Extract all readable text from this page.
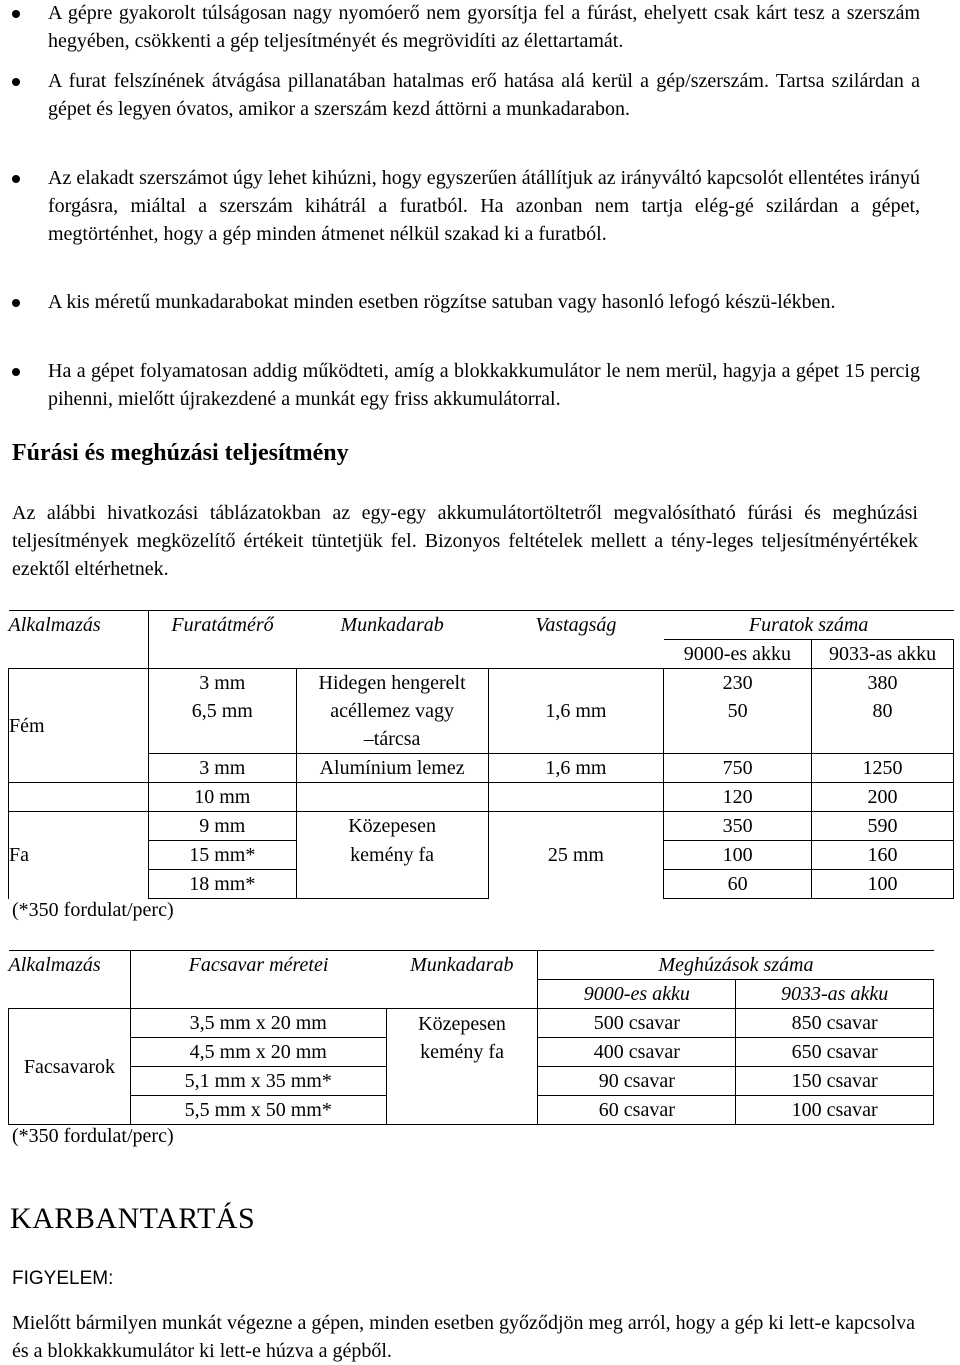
A gépre gyakorolt túlságosan nagy nyomóerő nem gyorsítja fel a fúrást, ehelyett csak kárt tesz a szerszám hegyében, csökkenti a gép teljesítményét és megrövidíti az élettartamát.
A furat felszínének átvágása pillanatában hatalmas erő hatása alá kerül a gép/szerszám. Tartsa szilárdan a gépet és legyen óvatos, amikor a szerszám kezd áttörni a munkadarabon.
Az elakadt szerszámot úgy lehet kihúzni, hogy egyszerűen átállítjuk az irányváltó kapcsolót ellentétes irányú forgásra, miáltal a szerszám kihátrál a furatból. Ha azonban nem tartja elég-gé szilárdan a gépet, megtörténhet, hogy a gép minden átmenet nélkül szakad ki a furatból.
A kis méretű munkadarabokat minden esetben rögzítse satuban vagy hasonló lefogó készü-lékben.
Ha a gépet folyamatosan addig működteti, amíg a blokkakkumulátor le nem merül, hagyja a gépet 15 percig pihenni, mielőtt újrakezdené a munkát egy friss akkumulátorral.
Fúrási és meghúzási teljesítmény

Az alábbi hivatkozási táblázatokban az egy-egy akkumulátortöltetről megvalósítható fúrási és meghúzási teljesítmények megközelítő értékeit tüntetjük fel. Bizonyos feltételek mellett a tény-leges teljesítményértékek ezektől eltérhetnek.

Alkalmazás	Furatátmérő	Munkadarab	Vastagság	Furatok száma	
				9000-es akku	9033-as akku
Fém	3 mm	Hidegen hengerelt	1,6 mm	230	380
	6,5 mm	acéllemez vagy		50	80
		–tárcsa			
	3 mm	Alumínium lemez	1,6 mm	750	1250
	10 mm			120	200
Fa	9 mm	Közepesen	25 mm	350	590
	15 mm*	kemény fa		100	160
	18 mm*			60	100

(*350 fordulat/perc)

Alkalmazás	Facsavar méretei	Munkadarab	Meghúzások száma	
			9000-es akku	9033-as akku
Facsavarok	3,5 mm x 20 mm	Közepesen	500 csavar	850 csavar
	4,5 mm x 20 mm	kemény fa	400 csavar	650 csavar
	5,1 mm x 35 mm*		90 csavar	150 csavar
	5,5 mm x 50 mm*		60 csavar	100 csavar

(*350 fordulat/perc)

KARBANTARTÁS

FIGYELEM:

Mielőtt bármilyen munkát végezne a gépen, minden esetben győződjön meg arról, hogy a gép ki lett-e kapcsolva és a blokkakkumulátor ki lett-e húzva a gépből.
